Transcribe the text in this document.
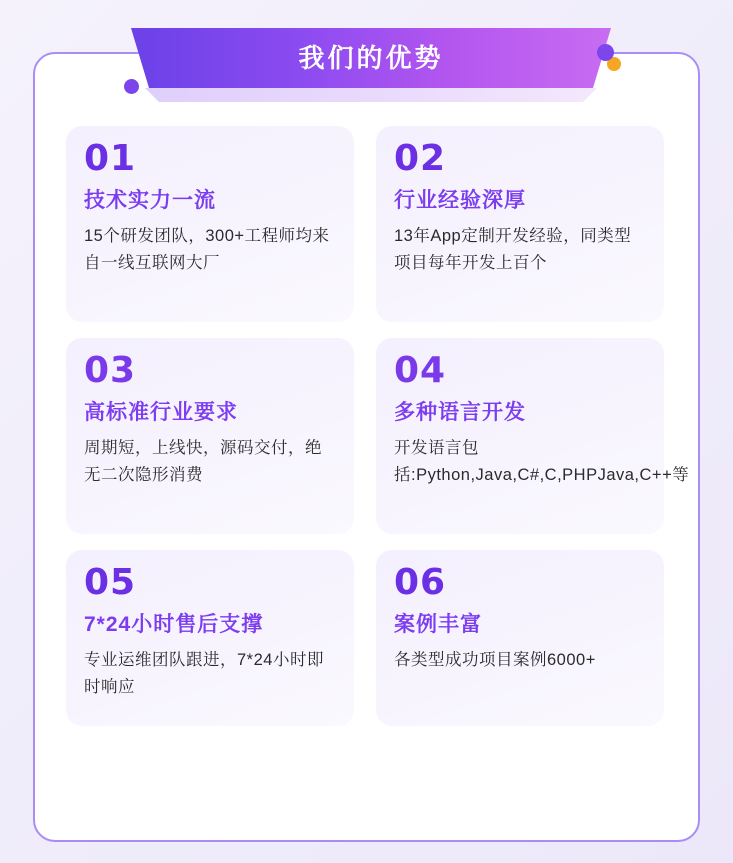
我们的优势
01
技术实力一流
15个研发团队，300+工程师均来自一线互联网大厂
02
行业经验深厚
13年App定制开发经验，同类型项目每年开发上百个
03
高标准行业要求
周期短，上线快，源码交付，绝无二次隐形消费
04
多种语言开发
开发语言包括:Python,Java,C#,C,PHPJava,C++等
05
7*24小时售后支撑
专业运维团队跟进，7*24小时即时响应
06
案例丰富
各类型成功项目案例6000+
